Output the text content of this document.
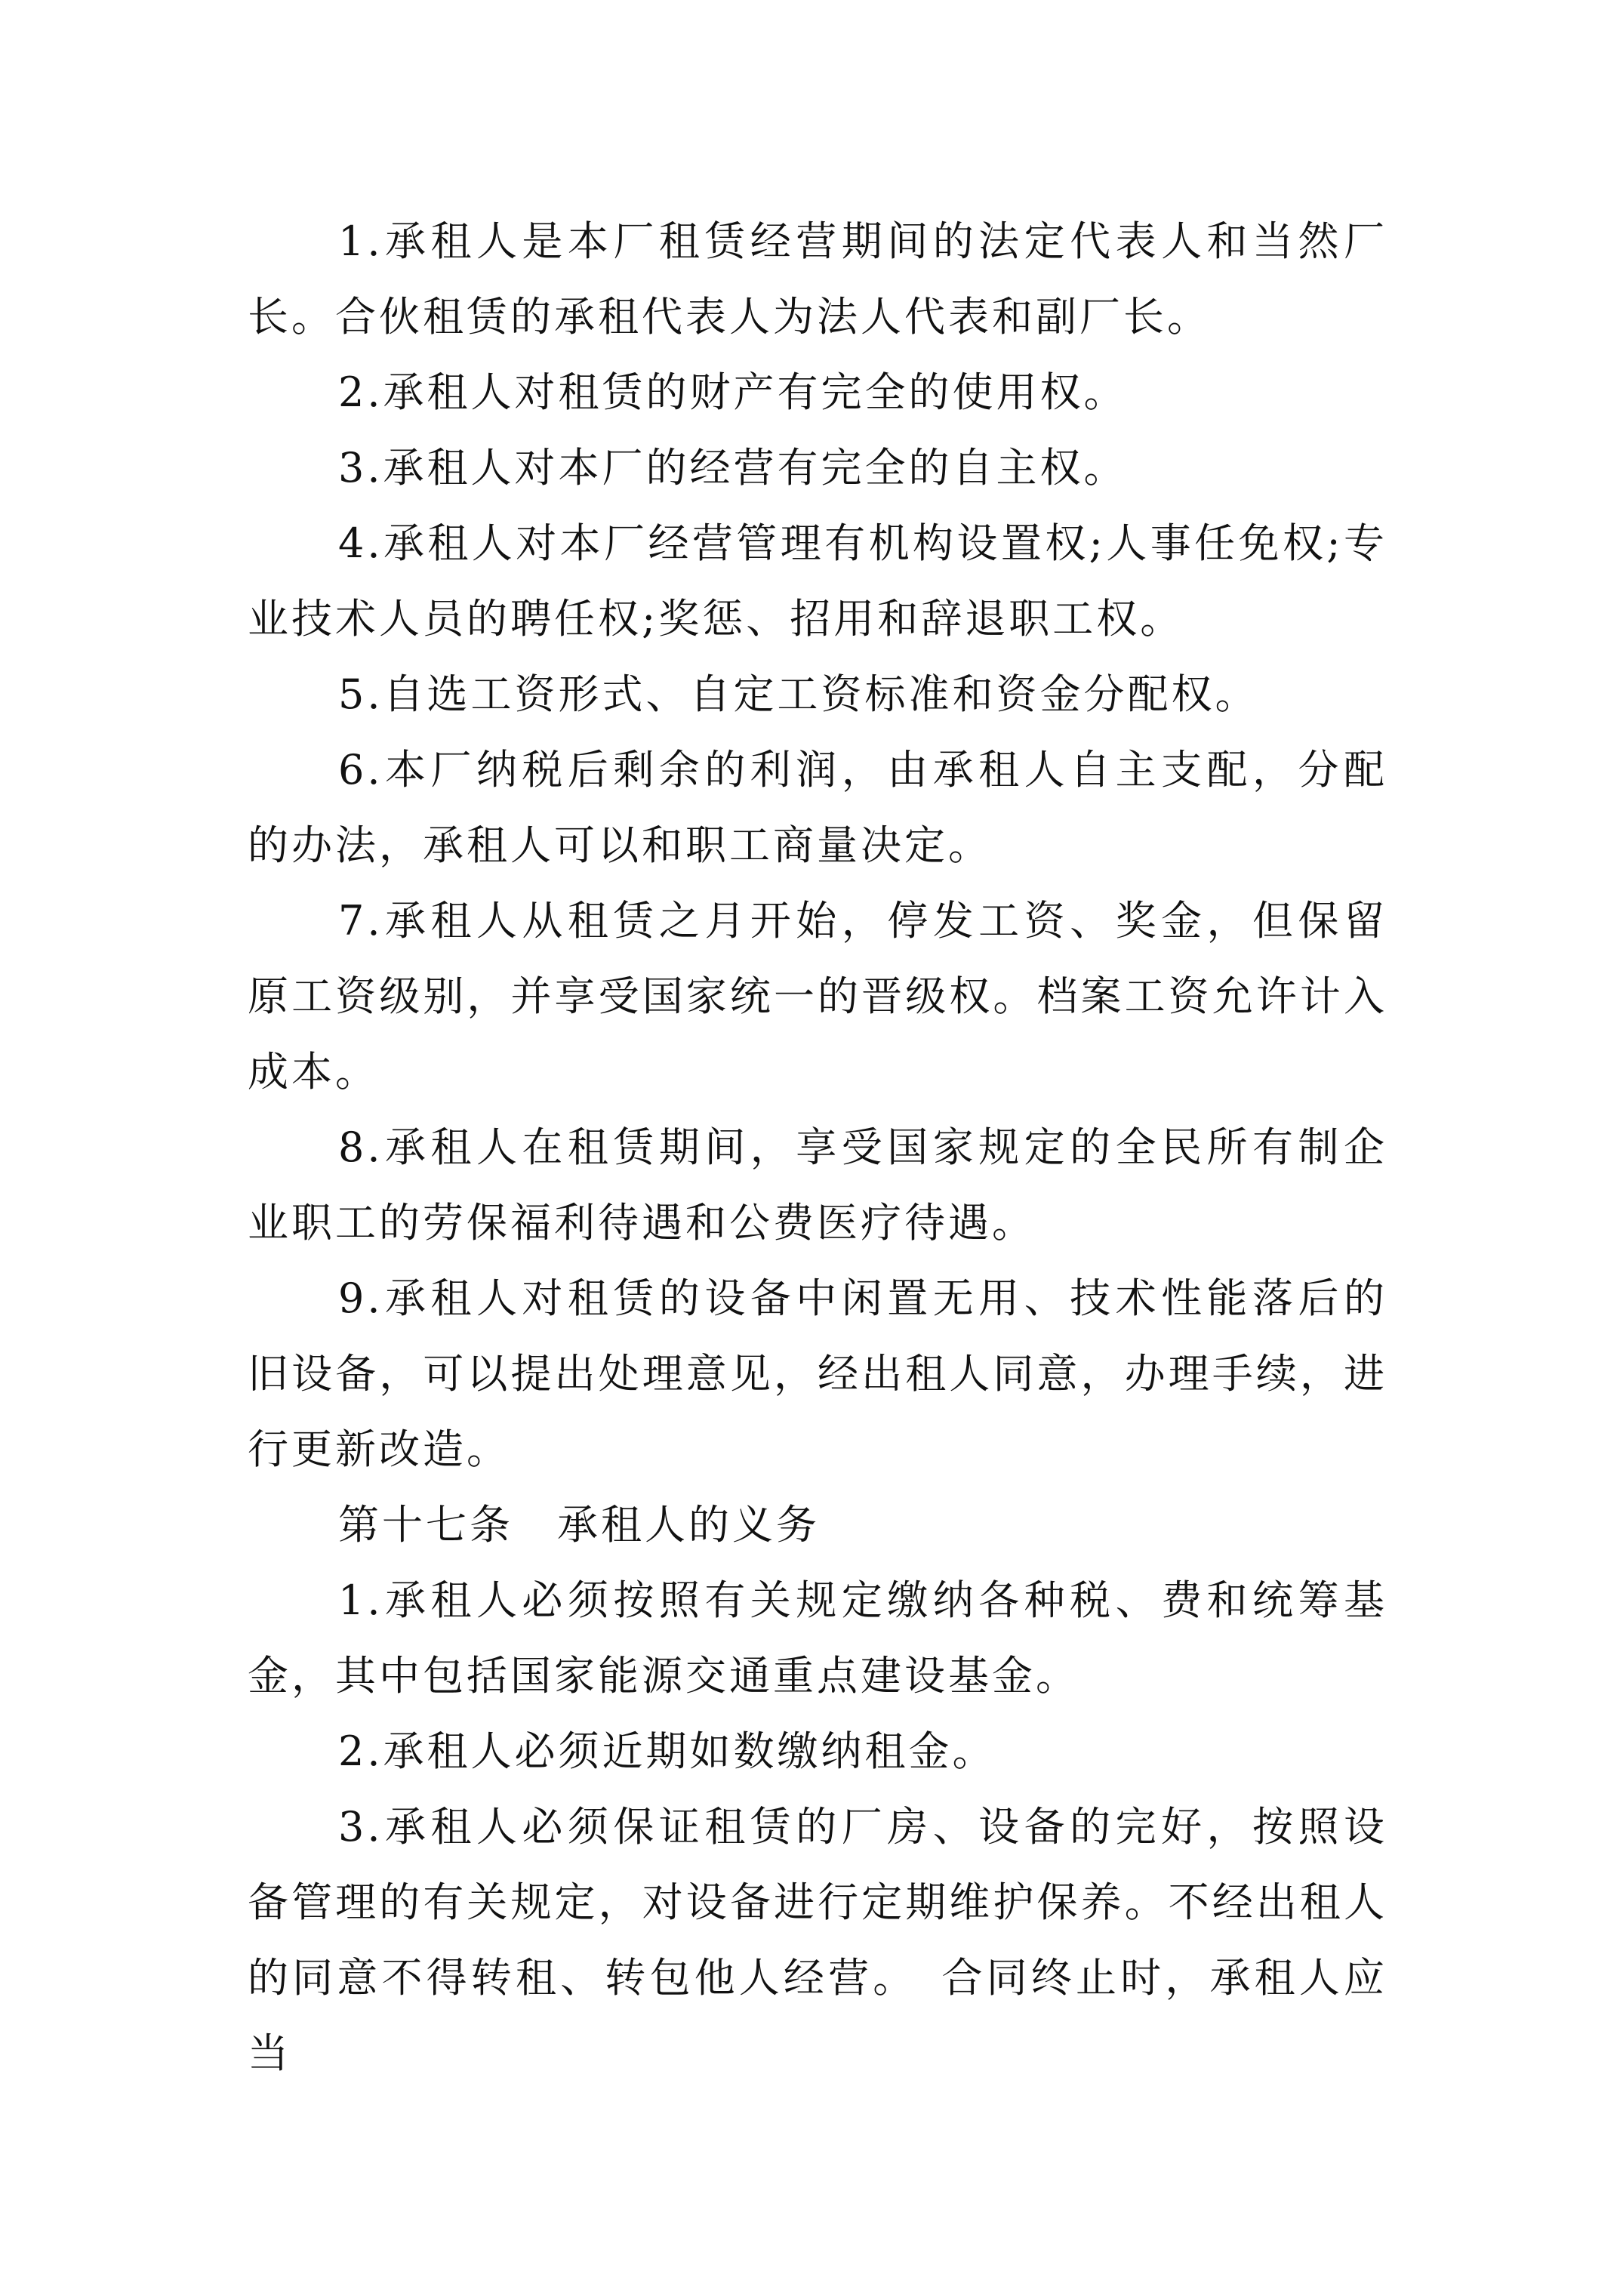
1.承租人是本厂租赁经营期间的法定代表人和当然厂长。合伙租赁的承租代表人为法人代表和副厂长。

2.承租人对租赁的财产有完全的使用权。

3.承租人对本厂的经营有完全的自主权。

4.承租人对本厂经营管理有机构设置权;人事任免权;专业技术人员的聘任权;奖惩、招用和辞退职工权。

5.自选工资形式、自定工资标准和资金分配权。

6.本厂纳税后剩余的利润，由承租人自主支配，分配的办法，承租人可以和职工商量决定。

7.承租人从租赁之月开始，停发工资、奖金，但保留原工资级别，并享受国家统一的晋级权。档案工资允许计入成本。

8.承租人在租赁期间，享受国家规定的全民所有制企业职工的劳保福利待遇和公费医疗待遇。

9.承租人对租赁的设备中闲置无用、技术性能落后的旧设备，可以提出处理意见，经出租人同意，办理手续，进行更新改造。

第十七条　承租人的义务

1.承租人必须按照有关规定缴纳各种税、费和统筹基金，其中包括国家能源交通重点建设基金。

2.承租人必须近期如数缴纳租金。

3.承租人必须保证租赁的厂房、设备的完好，按照设备管理的有关规定，对设备进行定期维护保养。不经出租人的同意不得转租、转包他人经营。　合同终止时，承租人应当
